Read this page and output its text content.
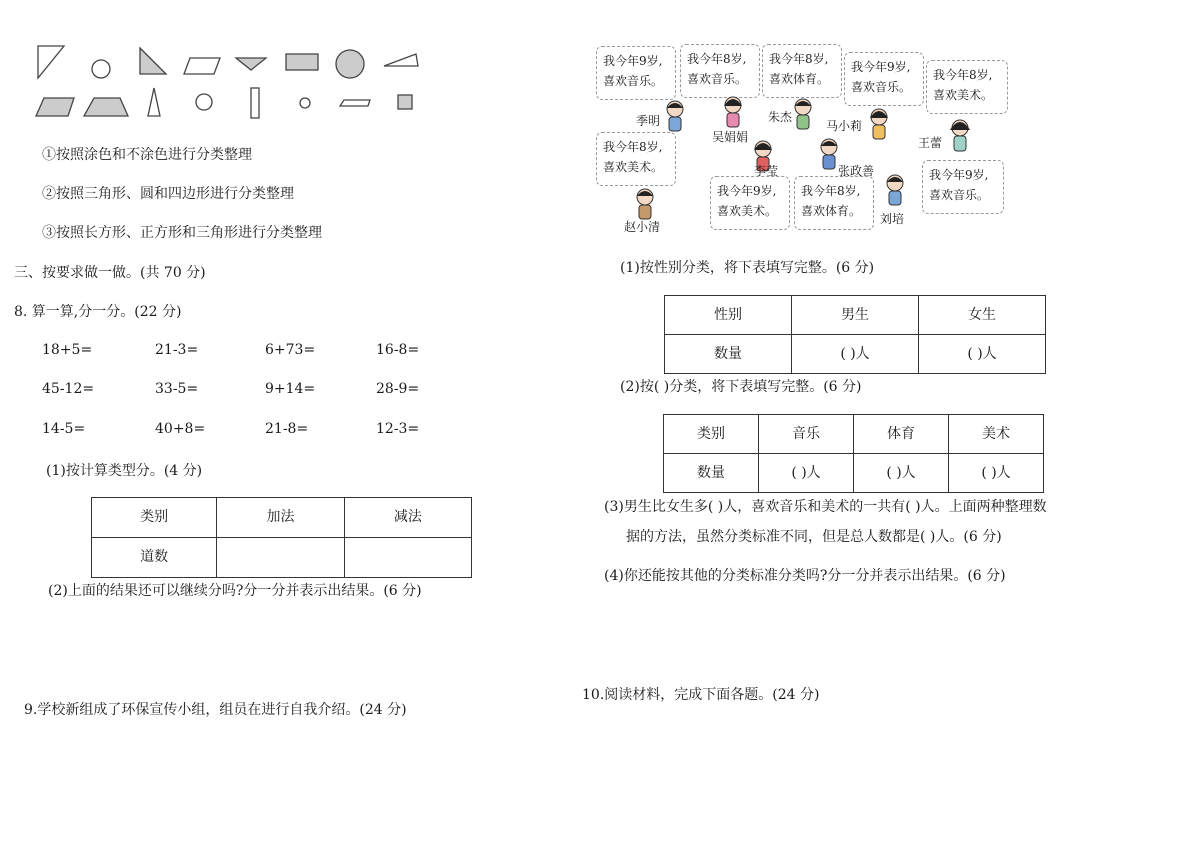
①按照涂色和不涂色进行分类整理
②按照三角形、圆和四边形进行分类整理
③按照长方形、正方形和三角形进行分类整理
三、按要求做一做。(共 70 分)
8. 算一算,分一分。(22 分)
18+5=	21-3=	6+73=	16-8=
45-12=	33-5=	9+14=	28-9=
14-5=	40+8=	21-8=	12-3=
(1)按计算类型分。(4 分)
类别	加法	减法
道数		
(2)上面的结果还可以继续分吗?分一分并表示出结果。(6 分)
9.学校新组成了环保宣传小组，组员在进行自我介绍。(24 分)
我今年9岁,
喜欢音乐。
我今年8岁,
喜欢音乐。
我今年8岁,
喜欢体育。
我今年9岁,
喜欢音乐。
我今年8岁,
喜欢美术。
我今年8岁,
喜欢美术。
我今年9岁,
喜欢美术。
我今年8岁,
喜欢体育。
我今年9岁,
喜欢音乐。
季明
吴娟娟
朱杰
马小莉
王蕾
李莹	张政善
赵小清
刘培
(1)按性别分类，将下表填写完整。(6 分)
性别	男生	女生
数量	( )人	( )人
(2)按( )分类，将下表填写完整。(6 分)
类别	音乐	体育	美术
数量	( )人	( )人	( )人
(3)男生比女生多( )人，喜欢音乐和美术的一共有( )人。上面两种整理数
据的方法，虽然分类标准不同，但是总人数都是( )人。(6 分)
(4)你还能按其他的分类标准分类吗?分一分并表示出结果。(6 分)
10.阅读材料，完成下面各题。(24 分)
